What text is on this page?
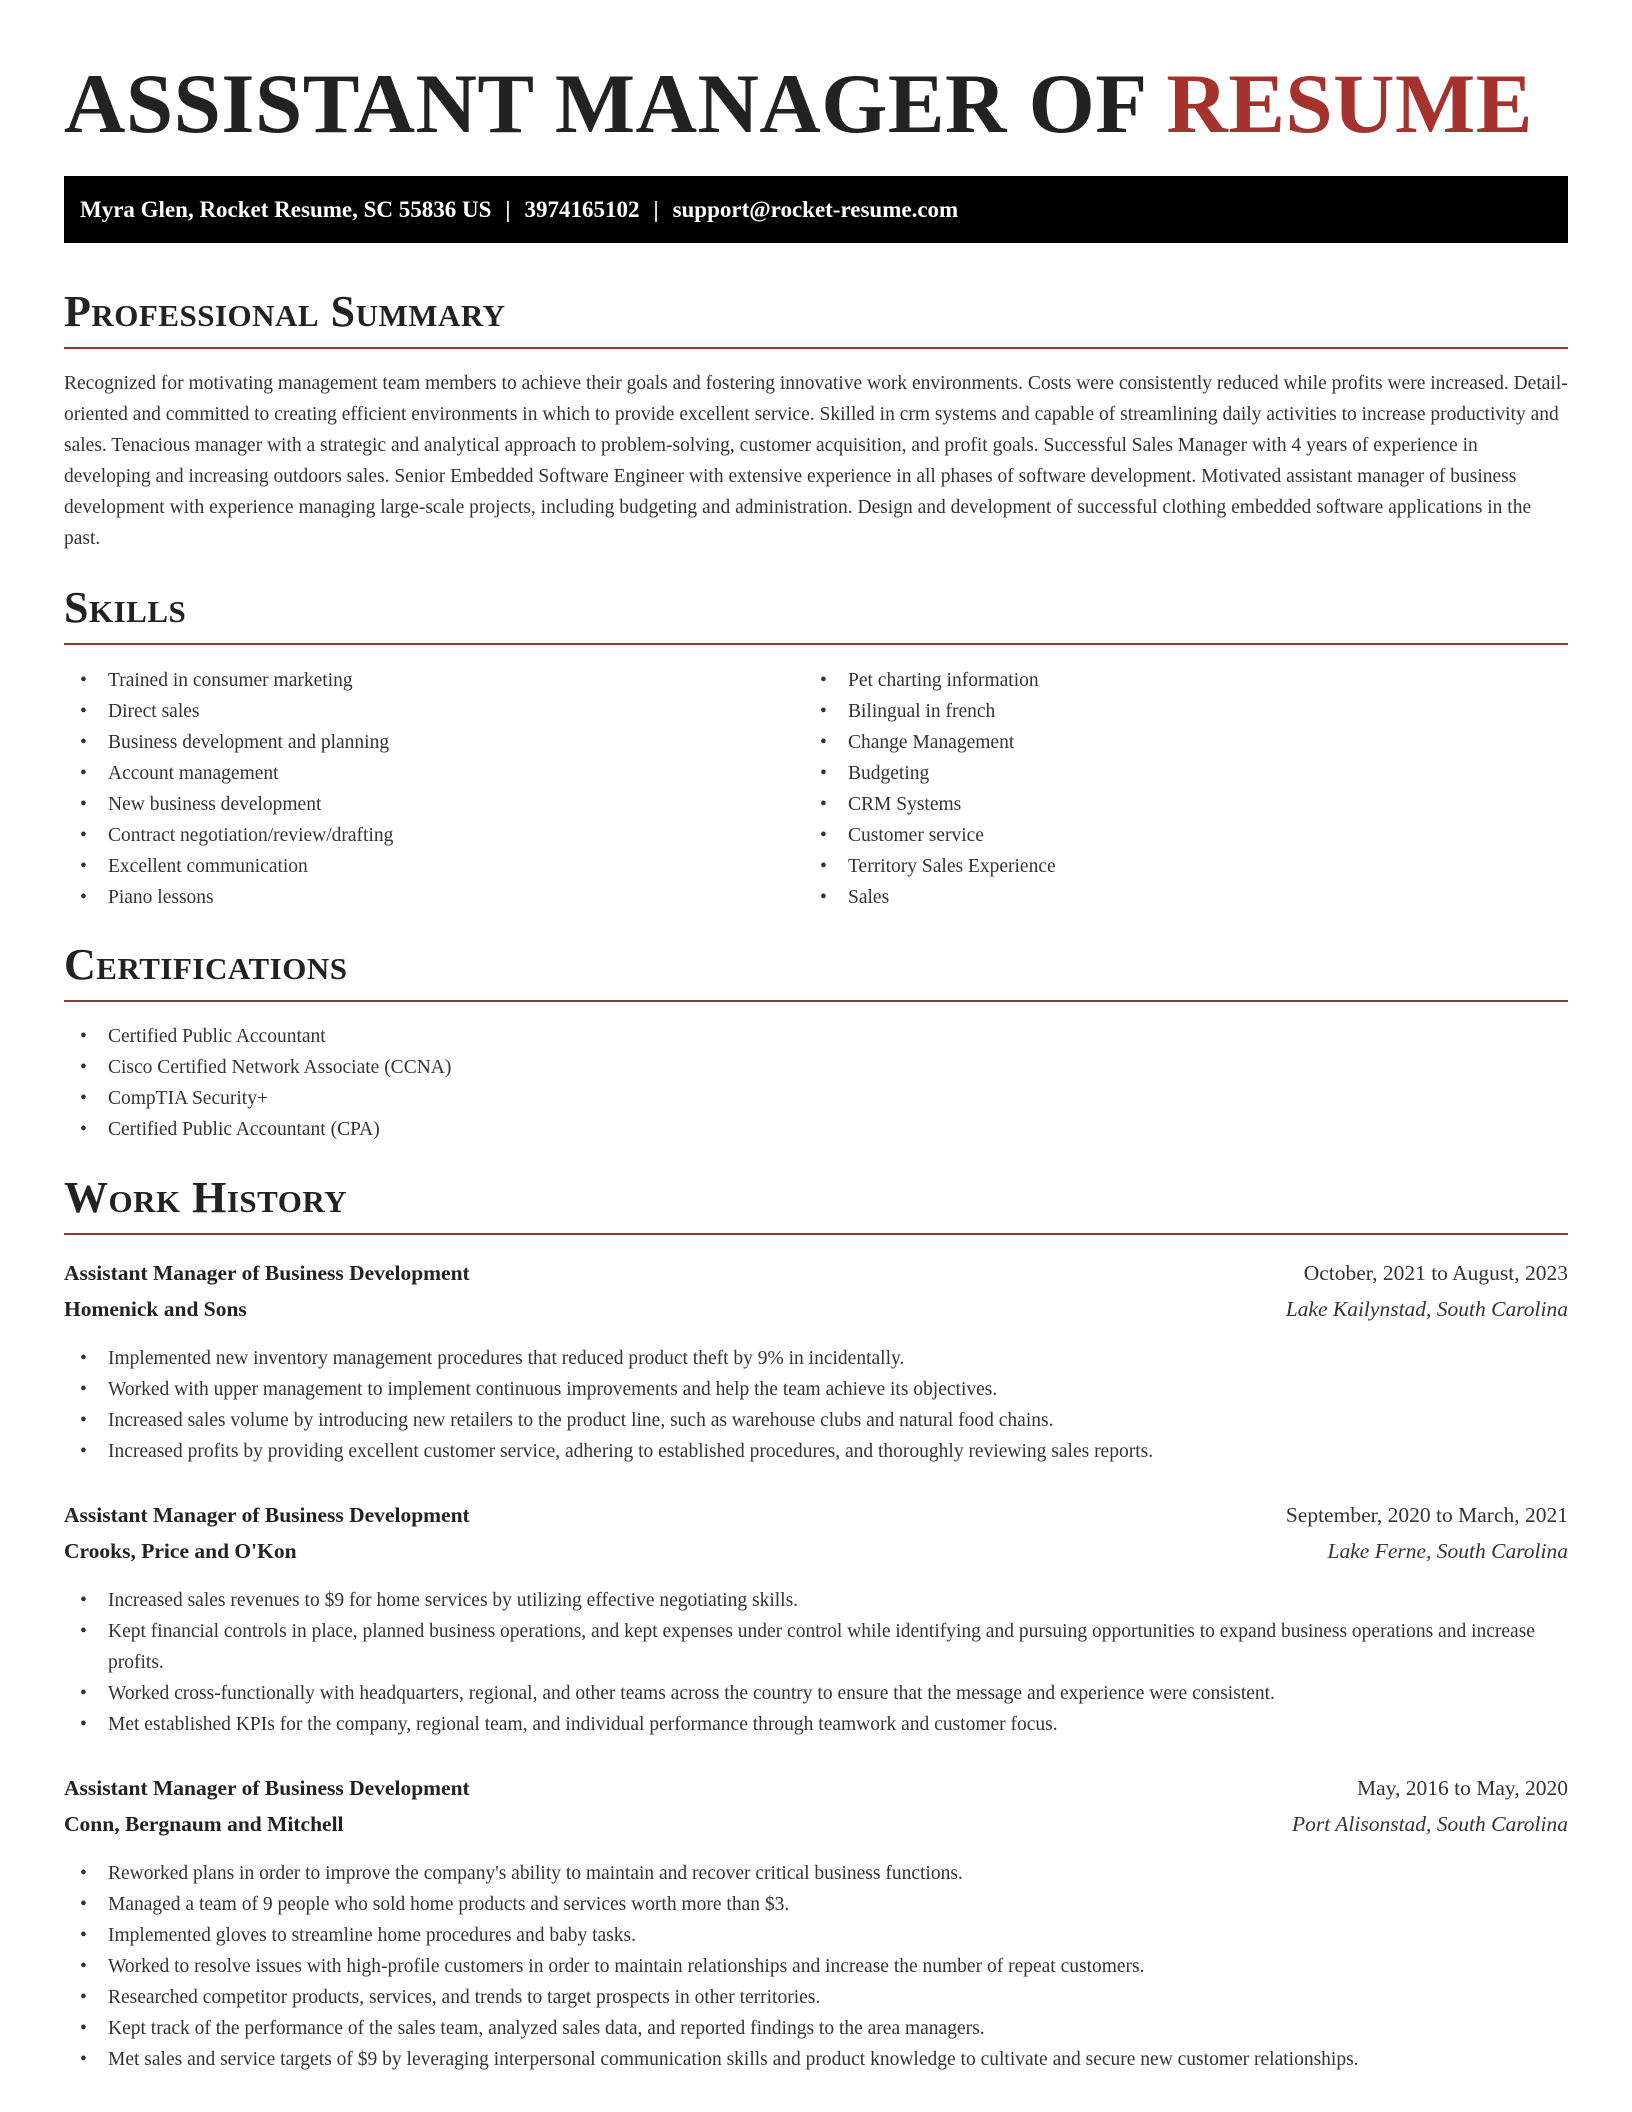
ASSISTANT MANAGER OF RESUME
Myra Glen, Rocket Resume, SC 55836 US | 3974165102 | support@rocket-resume.com
Professional Summary

Recognized for motivating management team members to achieve their goals and fostering innovative work environments. Costs were consistently reduced while profits were increased. Detail-oriented and committed to creating efficient environments in which to provide excellent service. Skilled in crm systems and capable of streamlining daily activities to increase productivity and sales. Tenacious manager with a strategic and analytical approach to problem-solving, customer acquisition, and profit goals. Successful Sales Manager with 4 years of experience in developing and increasing outdoors sales. Senior Embedded Software Engineer with extensive experience in all phases of software development. Motivated assistant manager of business development with experience managing large-scale projects, including budgeting and administration. Design and development of successful clothing embedded software applications in the past.

Skills
• Trained in consumer marketing
• Direct sales
• Business development and planning
• Account management
• New business development
• Contract negotiation/review/drafting
• Excellent communication
• Piano lessons
• Pet charting information
• Bilingual in french
• Change Management
• Budgeting
• CRM Systems
• Customer service
• Territory Sales Experience
• Sales
Certifications
• Certified Public Accountant
• Cisco Certified Network Associate (CCNA)
• CompTIA Security+
• Certified Public Accountant (CPA)
Work History
Assistant Manager of Business Development	October, 2021 to August, 2023
Homenick and Sons	Lake Kailynstad, South Carolina
• Implemented new inventory management procedures that reduced product theft by 9% in incidentally.
• Worked with upper management to implement continuous improvements and help the team achieve its objectives.
• Increased sales volume by introducing new retailers to the product line, such as warehouse clubs and natural food chains.
• Increased profits by providing excellent customer service, adhering to established procedures, and thoroughly reviewing sales reports.
Assistant Manager of Business Development	September, 2020 to March, 2021
Crooks, Price and O'Kon	Lake Ferne, South Carolina
• Increased sales revenues to $9 for home services by utilizing effective negotiating skills.
• Kept financial controls in place, planned business operations, and kept expenses under control while identifying and pursuing opportunities to expand business operations and increase profits.
• Worked cross-functionally with headquarters, regional, and other teams across the country to ensure that the message and experience were consistent.
• Met established KPIs for the company, regional team, and individual performance through teamwork and customer focus.
Assistant Manager of Business Development	May, 2016 to May, 2020
Conn, Bergnaum and Mitchell	Port Alisonstad, South Carolina
• Reworked plans in order to improve the company's ability to maintain and recover critical business functions.
• Managed a team of 9 people who sold home products and services worth more than $3.
• Implemented gloves to streamline home procedures and baby tasks.
• Worked to resolve issues with high-profile customers in order to maintain relationships and increase the number of repeat customers.
• Researched competitor products, services, and trends to target prospects in other territories.
• Kept track of the performance of the sales team, analyzed sales data, and reported findings to the area managers.
• Met sales and service targets of $9 by leveraging interpersonal communication skills and product knowledge to cultivate and secure new customer relationships.
